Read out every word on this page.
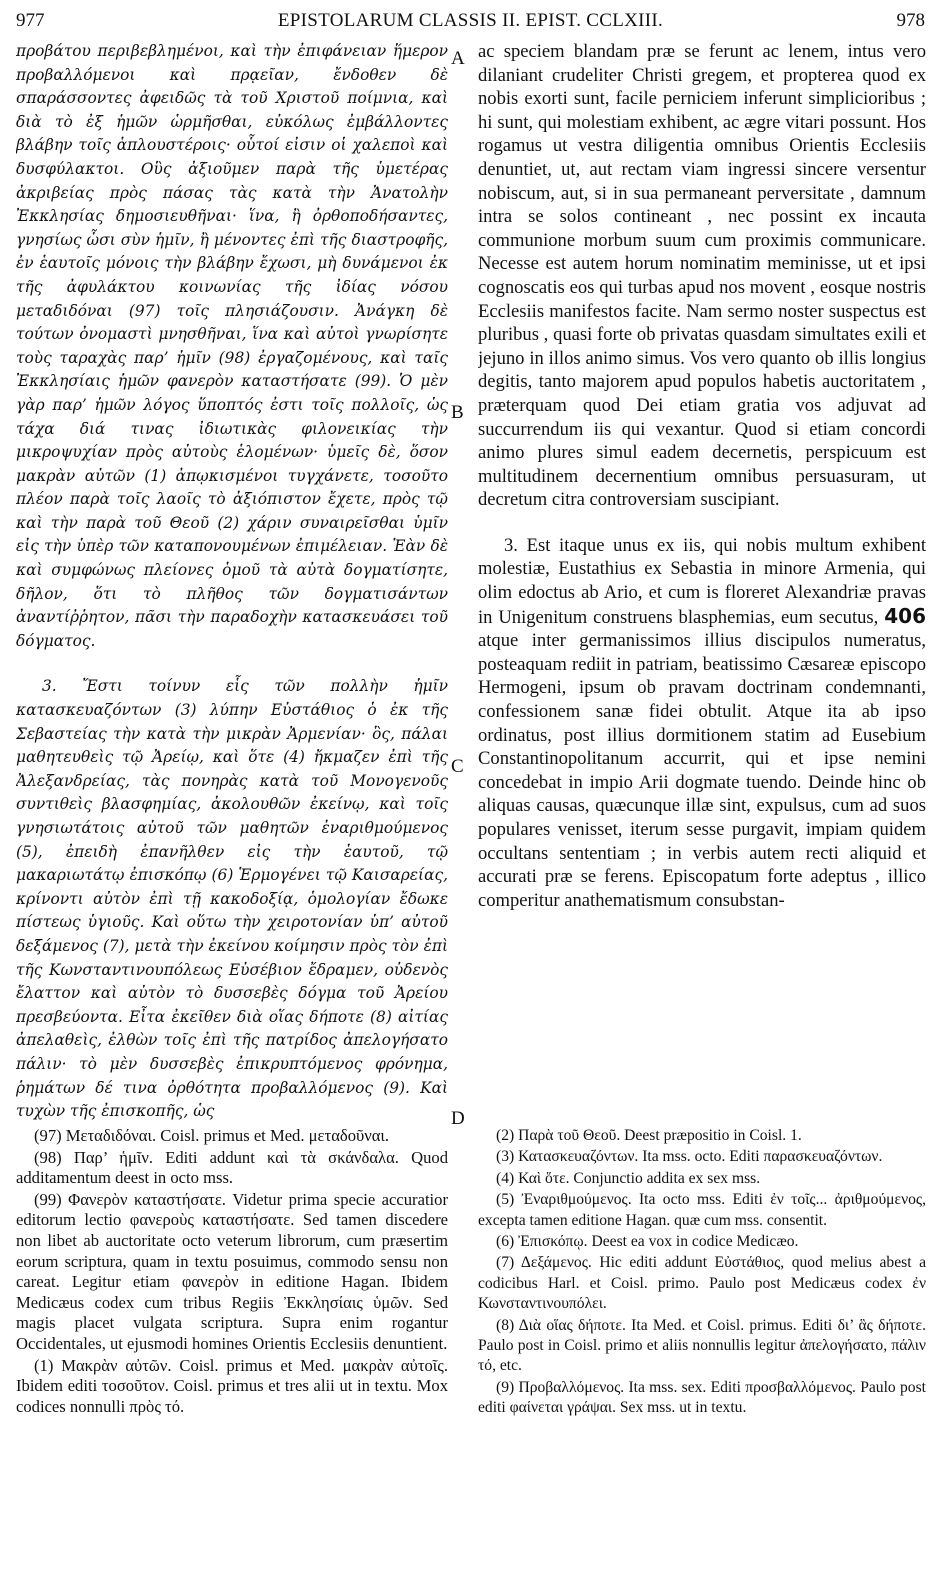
977	EPISTOLARUM CLASSIS II. EPIST. CCLXIII.	978

προβάτου περιβεβλημένοι, καὶ τὴν ἐπιφάνειαν ἥμερον προβαλλόμενοι καὶ πρᾳεῖαν, ἔνδοθεν δὲ σπαράσσοντες ἀφειδῶς τὰ τοῦ Χριστοῦ ποίμνια, καὶ διὰ τὸ ἐξ ἡμῶν ὡρμῆσθαι, εὐκόλως ἐμβάλλοντες βλάβην τοῖς ἁπλουστέροις· οὗτοί εἰσιν οἱ χαλεποὶ καὶ δυσφύλακτοι. Οὓς ἀξιοῦμεν παρὰ τῆς ὑμετέρας ἀκριβείας πρὸς πάσας τὰς κατὰ τὴν Ἀνατολὴν Ἐκκλησίας δημοσιευθῆναι· ἵνα, ἢ ὀρθοποδήσαντες, γνησίως ὦσι σὺν ἡμῖν, ἢ μένοντες ἐπὶ τῆς διαστροφῆς, ἐν ἑαυτοῖς μόνοις τὴν βλάβην ἔχωσι, μὴ δυνάμενοι ἐκ τῆς ἀφυλάκτου κοινωνίας τῆς ἰδίας νόσου μεταδιδόναι (97) τοῖς πλησιάζουσιν. Ἀνάγκη δὲ τούτων ὀνομαστὶ μνησθῆναι, ἵνα καὶ αὐτοὶ γνωρίσητε τοὺς ταραχὰς παρ’ ἡμῖν (98) ἐργαζομένους, καὶ ταῖς Ἐκκλησίαις ἡμῶν φανερὸν καταστήσατε (99). Ὁ μὲν γὰρ παρ’ ἡμῶν λόγος ὕποπτός ἐστι τοῖς πολλοῖς, ὡς τάχα διά τινας ἰδιωτικὰς φιλονεικίας τὴν μικροψυχίαν πρὸς αὐτοὺς ἑλομένων· ὑμεῖς δὲ, ὅσον μακρὰν αὐτῶν (1) ἀπῳκισμένοι τυγχάνετε, τοσοῦτο πλέον παρὰ τοῖς λαοῖς τὸ ἀξιόπιστον ἔχετε, πρὸς τῷ καὶ τὴν παρὰ τοῦ Θεοῦ (2) χάριν συναιρεῖσθαι ὑμῖν εἰς τὴν ὑπὲρ τῶν καταπονουμένων ἐπιμέλειαν. Ἐὰν δὲ καὶ συμφώνως πλείονες ὁμοῦ τὰ αὐτὰ δογματίσητε, δῆλον, ὅτι τὸ πλῆθος τῶν δογματισάντων ἀναντίῤῥητον, πᾶσι τὴν παραδοχὴν κατασκευάσει τοῦ δόγματος.

3. Ἔστι τοίνυν εἷς τῶν πολλὴν ἡμῖν κατασκευαζόντων (3) λύπην Εὐστάθιος ὁ ἐκ τῆς Σεβαστείας τὴν κατὰ τὴν μικρὰν Ἀρμενίαν· ὃς, πάλαι μαθητευθεὶς τῷ Ἀρείῳ, καὶ ὅτε (4) ἤκμαζεν ἐπὶ τῆς Ἀλεξανδρείας, τὰς πονηρὰς κατὰ τοῦ Μονογενοῦς συντιθεὶς βλασφημίας, ἀκολουθῶν ἐκείνῳ, καὶ τοῖς γνησιωτάτοις αὐτοῦ τῶν μαθητῶν ἐναριθμούμενος (5), ἐπειδὴ ἐπανῆλθεν εἰς τὴν ἑαυτοῦ, τῷ μακαριωτάτῳ ἐπισκόπῳ (6) Ἑρμογένει τῷ Καισαρείας, κρίνοντι αὐτὸν ἐπὶ τῇ κακοδοξίᾳ, ὁμολογίαν ἔδωκε πίστεως ὑγιοῦς. Καὶ οὕτω τὴν χειροτονίαν ὑπ’ αὐτοῦ δεξάμενος (7), μετὰ τὴν ἐκείνου κοίμησιν πρὸς τὸν ἐπὶ τῆς Κωνσταντινουπόλεως Εὐσέβιον ἔδραμεν, οὐδενὸς ἔλαττον καὶ αὐτὸν τὸ δυσσεβὲς δόγμα τοῦ Ἀρείου πρεσβεύοντα. Εἶτα ἐκεῖθεν διὰ οἵας δήποτε (8) αἰτίας ἀπελαθεὶς, ἐλθὼν τοῖς ἐπὶ τῆς πατρίδος ἀπελογήσατο πάλιν· τὸ μὲν δυσσεβὲς ἐπικρυπτόμενος φρόνημα, ῥημάτων δέ τινα ὀρθότητα προβαλλόμενος (9). Καὶ τυχὼν τῆς ἐπισκοπῆς, ὡς

A
B
C
D

ac speciem blandam præ se ferunt ac lenem, intus vero dilaniant crudeliter Christi gregem, et propterea quod ex nobis exorti sunt, facile perniciem inferunt simplicioribus ; hi sunt, qui molestiam exhibent, ac ægre vitari possunt. Hos rogamus ut vestra diligentia omnibus Orientis Ecclesiis denuntiet, ut, aut rectam viam ingressi sincere versentur nobiscum, aut, si in sua permaneant perversitate , damnum intra se solos contineant , nec possint ex incauta communione morbum suum cum proximis communicare. Necesse est autem horum nominatim meminisse, ut et ipsi cognoscatis eos qui turbas apud nos movent , eosque nostris Ecclesiis manifestos facite. Nam sermo noster suspectus est pluribus , quasi forte ob privatas quasdam simultates exili et jejuno in illos animo simus. Vos vero quanto ob illis longius degitis, tanto majorem apud populos habetis auctoritatem , præterquam quod Dei etiam gratia vos adjuvat ad succurrendum iis qui vexantur. Quod si etiam concordi animo plures simul eadem decernetis, perspicuum est multitudinem decernentium omnibus persuasuram, ut decretum citra controversiam suscipiant.

3. Est itaque unus ex iis, qui nobis multum exhibent molestiæ, Eustathius ex Sebastia in minore Armenia, qui olim edoctus ab Ario, et cum is floreret Alexandriæ pravas in Unigenitum construens blasphemias, eum secutus, 406 atque inter germanissimos illius discipulos numeratus, posteaquam rediit in patriam, beatissimo Cæsareæ episcopo Hermogeni, ipsum ob pravam doctrinam condemnanti, confessionem sanæ fidei obtulit. Atque ita ab ipso ordinatus, post illius dormitionem statim ad Eusebium Constantinopolitanum accurrit, qui et ipse nemini concedebat in impio Arii dogmate tuendo. Deinde hinc ob aliquas causas, quæcunque illæ sint, expulsus, cum ad suos populares venisset, iterum sesse purgavit, impiam quidem occultans sententiam ; in verbis autem recti aliquid et accurati præ se ferens. Episcopatum forte adeptus , illico comperitur anathematismum consubstan-

(97) Μεταδιδόναι. Coisl. primus et Med. μεταδοῦναι.

(98) Παρ’ ἡμῖν. Editi addunt καὶ τὰ σκάνδαλα. Quod additamentum deest in octo mss.

(99) Φανερὸν καταστήσατε. Videtur prima specie accuratior editorum lectio φανεροὺς καταστήσατε. Sed tamen discedere non libet ab auctoritate octo veterum librorum, cum præsertim eorum scriptura, quam in textu posuimus, commodo sensu non careat. Legitur etiam φανερὸν in editione Hagan. Ibidem Medicæus codex cum tribus Regiis Ἐκκλησίαις ὑμῶν. Sed magis placet vulgata scriptura. Supra enim rogantur Occidentales, ut ejusmodi homines Orientis Ecclesiis denuntient.

(1) Μακρὰν αὐτῶν. Coisl. primus et Med. μακρὰν αὐτοῖς. Ibidem editi τοσοῦτον. Coisl. primus et tres alii ut in textu. Mox codices nonnulli πρὸς τό.

(2) Παρὰ τοῦ Θεοῦ. Deest præpositio in Coisl. 1.

(3) Κατασκευαζόντων. Ita mss. octo. Editi παρασκευαζόντων.

(4) Καὶ ὅτε. Conjunctio addita ex sex mss.

(5) Ἐναριθμούμενος. Ita octo mss. Editi ἐν τοῖς... ἀριθμούμενος, excepta tamen editione Hagan. quæ cum mss. consentit.

(6) Ἐπισκόπῳ. Deest ea vox in codice Medicæo.

(7) Δεξάμενος. Hic editi addunt Εὐστάθιος, quod melius abest a codicibus Harl. et Coisl. primo. Paulo post Medicæus codex ἐν Κωνσταντινουπόλει.

(8) Διὰ οἵας δήποτε. Ita Med. et Coisl. primus. Editi δι’ ἃς δήποτε. Paulo post in Coisl. primo et aliis nonnullis legitur ἀπελογήσατο, πάλιν τό, etc.

(9) Προβαλλόμενος. Ita mss. sex. Editi προσβαλλόμενος. Paulo post editi φαίνεται γράψαι. Sex mss. ut in textu.
